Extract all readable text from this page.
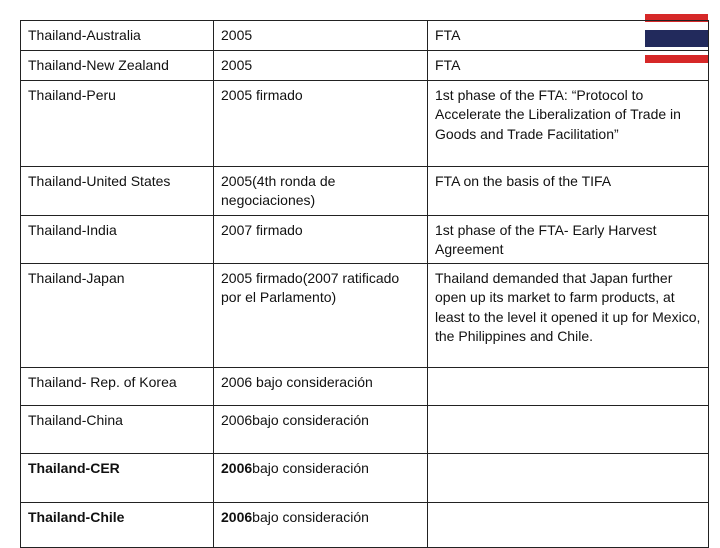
Thailand-Australia	2005	FTA
Thailand-New Zealand	2005	FTA
Thailand-Peru	2005 firmado	1st phase of the FTA: “Protocol to Accelerate the Liberalization of Trade in Goods and Trade Facilitation”
Thailand-United States	2005(4th ronda de negociaciones)	FTA on the basis of the TIFA
Thailand-India	2007 firmado	1st phase of the FTA- Early Harvest Agreement
Thailand-Japan	2005 firmado(2007 ratificado por el Parlamento)	Thailand demanded that Japan further open up its market to farm products, at least to the level it opened it up for Mexico, the Philippines and Chile.
Thailand- Rep. of Korea	2006 bajo consideración	
Thailand-China	2006bajo consideración	
Thailand-CER	2006bajo consideración	
Thailand-Chile	2006bajo consideración	
